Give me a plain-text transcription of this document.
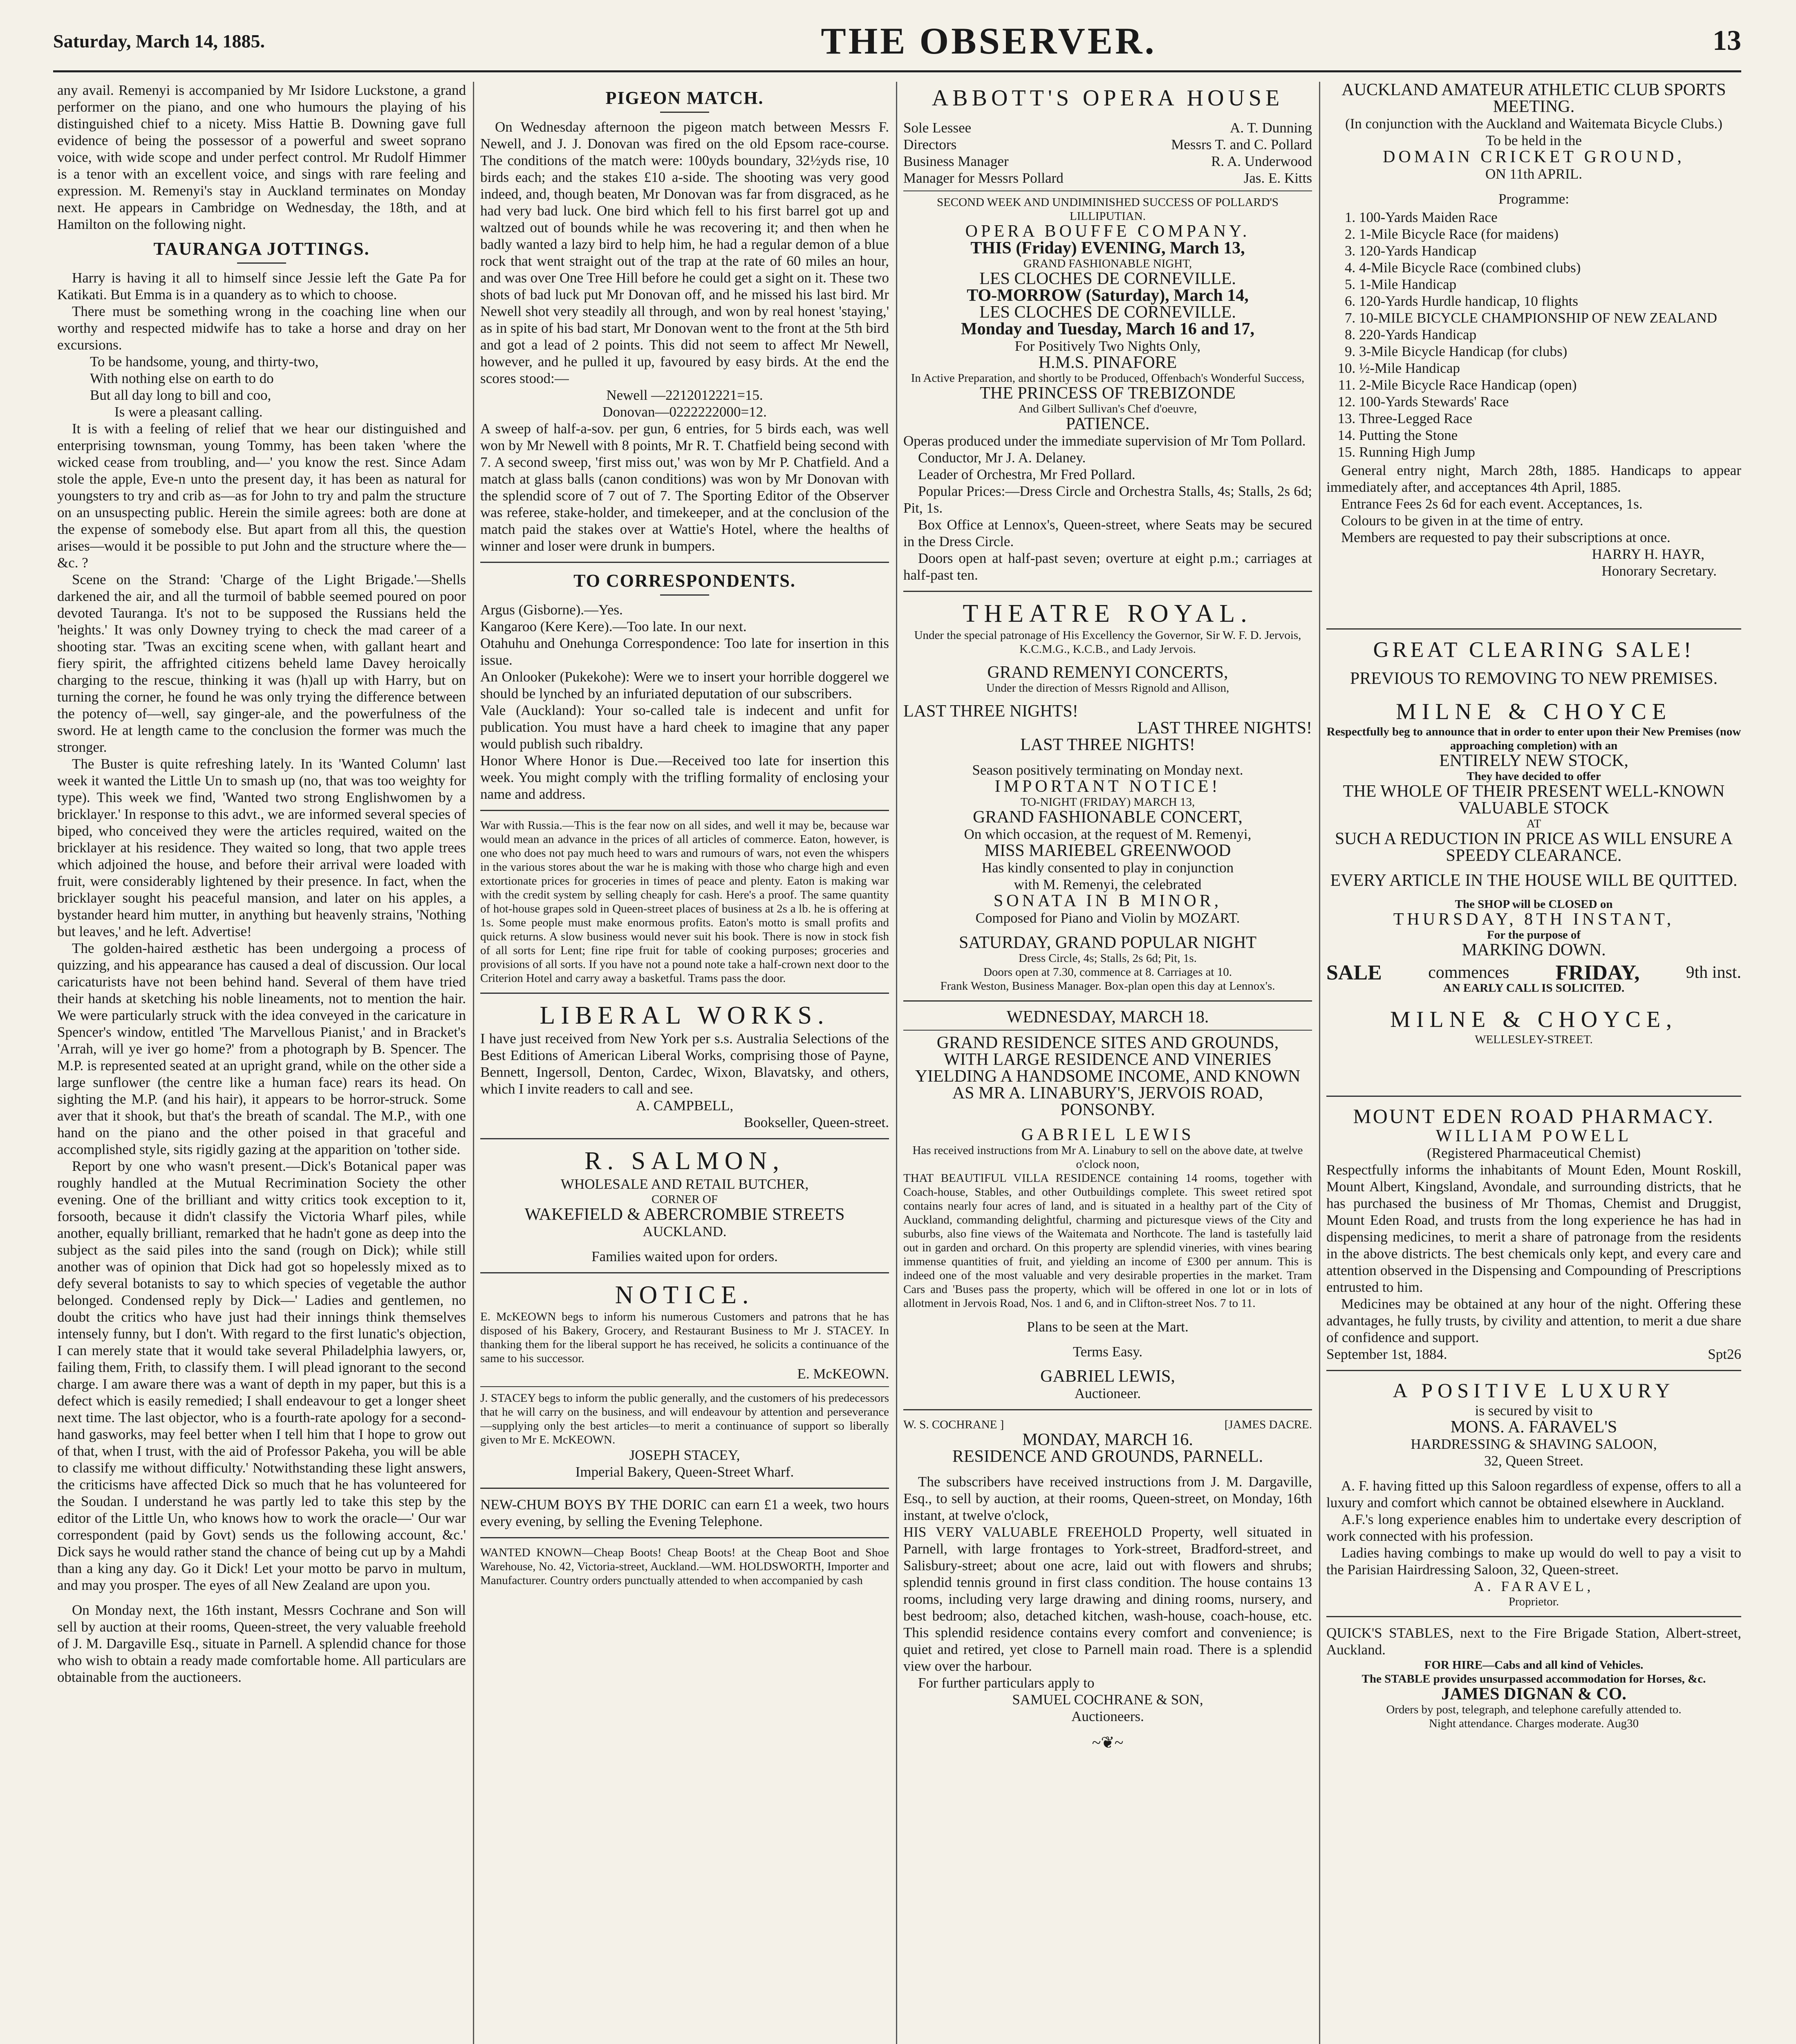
Saturday, March 14, 1885.	THE OBSERVER.	13

any avail. Remenyi is accompanied by Mr Isidore Luckstone, a grand performer on the piano, and one who humours the playing of his distinguished chief to a nicety. Miss Hattie B. Downing gave full evidence of being the possessor of a powerful and sweet soprano voice, with wide scope and under perfect control. Mr Rudolf Himmer is a tenor with an excellent voice, and sings with rare feeling and expression. M. Remenyi's stay in Auckland terminates on Monday next. He appears in Cambridge on Wednesday, the 18th, and at Hamilton on the following night.

TAURANGA JOTTINGS.

Harry is having it all to himself since Jessie left the Gate Pa for Katikati. But Emma is in a quandery as to which to choose.

There must be something wrong in the coaching line when our worthy and respected midwife has to take a horse and dray on her excursions.

To be handsome, young, and thirty-two,

With nothing else on earth to do

But all day long to bill and coo,

Is were a pleasant calling.

It is with a feeling of relief that we hear our distinguished and enterprising townsman, young Tommy, has been taken 'where the wicked cease from troubling, and—' you know the rest. Since Adam stole the apple, Eve-n unto the present day, it has been as natural for youngsters to try and crib as—as for John to try and palm the structure on an unsuspecting public. Herein the simile agrees: both are done at the expense of somebody else. But apart from all this, the question arises—would it be possible to put John and the structure where the—&c. ?

Scene on the Strand: 'Charge of the Light Brigade.'—Shells darkened the air, and all the turmoil of babble seemed poured on poor devoted Tauranga. It's not to be supposed the Russians held the 'heights.' It was only Downey trying to check the mad career of a shooting star. 'Twas an exciting scene when, with gallant heart and fiery spirit, the affrighted citizens beheld lame Davey heroically charging to the rescue, thinking it was (h)all up with Harry, but on turning the corner, he found he was only trying the difference between the potency of—well, say ginger-ale, and the powerfulness of the sword. He at length came to the conclusion the former was much the stronger.

The Buster is quite refreshing lately. In its 'Wanted Column' last week it wanted the Little Un to smash up (no, that was too weighty for type). This week we find, 'Wanted two strong Englishwomen by a bricklayer.' In response to this advt., we are informed several species of biped, who conceived they were the articles required, waited on the bricklayer at his residence. They waited so long, that two apple trees which adjoined the house, and before their arrival were loaded with fruit, were considerably lightened by their presence. In fact, when the bricklayer sought his peaceful mansion, and later on his apples, a bystander heard him mutter, in anything but heavenly strains, 'Nothing but leaves,' and he left. Advertise!

The golden-haired æsthetic has been undergoing a process of quizzing, and his appearance has caused a deal of discussion. Our local caricaturists have not been behind hand. Several of them have tried their hands at sketching his noble lineaments, not to mention the hair. We were particularly struck with the idea conveyed in the caricature in Spencer's window, entitled 'The Marvellous Pianist,' and in Bracket's 'Arrah, will ye iver go home?' from a photograph by B. Spencer. The M.P. is represented seated at an upright grand, while on the other side a large sunflower (the centre like a human face) rears its head. On sighting the M.P. (and his hair), it appears to be horror-struck. Some aver that it shook, but that's the breath of scandal. The M.P., with one hand on the piano and the other poised in that graceful and accomplished style, sits rigidly gazing at the apparition on 'tother side.

Report by one who wasn't present.—Dick's Botanical paper was roughly handled at the Mutual Recrimination Society the other evening. One of the brilliant and witty critics took exception to it, forsooth, because it didn't classify the Victoria Wharf piles, while another, equally brilliant, remarked that he hadn't gone as deep into the subject as the said piles into the sand (rough on Dick); while still another was of opinion that Dick had got so hopelessly mixed as to defy several botanists to say to which species of vegetable the author belonged. Condensed reply by Dick—' Ladies and gentlemen, no doubt the critics who have just had their innings think themselves intensely funny, but I don't. With regard to the first lunatic's objection, I can merely state that it would take several Philadelphia lawyers, or, failing them, Frith, to classify them. I will plead ignorant to the second charge. I am aware there was a want of depth in my paper, but this is a defect which is easily remedied; I shall endeavour to get a longer sheet next time. The last objector, who is a fourth-rate apology for a second-hand gasworks, may feel better when I tell him that I hope to grow out of that, when I trust, with the aid of Professor Pakeha, you will be able to classify me without difficulty.' Notwithstanding these light answers, the criticisms have affected Dick so much that he has volunteered for the Soudan. I understand he was partly led to take this step by the editor of the Little Un, who knows how to work the oracle—' Our war correspondent (paid by Govt) sends us the following account, &c.' Dick says he would rather stand the chance of being cut up by a Mahdi than a king any day. Go it Dick! Let your motto be parvo in multum, and may you prosper. The eyes of all New Zealand are upon you.

On Monday next, the 16th instant, Messrs Cochrane and Son will sell by auction at their rooms, Queen-street, the very valuable freehold of J. M. Dargaville Esq., situate in Parnell. A splendid chance for those who wish to obtain a ready made comfortable home. All particulars are obtainable from the auctioneers.

PIGEON MATCH.

On Wednesday afternoon the pigeon match between Messrs F. Newell, and J. J. Donovan was fired on the old Epsom race-course. The conditions of the match were: 100yds boundary, 32½yds rise, 10 birds each; and the stakes £10 a-side. The shooting was very good indeed, and, though beaten, Mr Donovan was far from disgraced, as he had very bad luck. One bird which fell to his first barrel got up and waltzed out of bounds while he was recovering it; and then when he badly wanted a lazy bird to help him, he had a regular demon of a blue rock that went straight out of the trap at the rate of 60 miles an hour, and was over One Tree Hill before he could get a sight on it. These two shots of bad luck put Mr Donovan off, and he missed his last bird. Mr Newell shot very steadily all through, and won by real honest 'staying,' as in spite of his bad start, Mr Donovan went to the front at the 5th bird and got a lead of 2 points. This did not seem to affect Mr Newell, however, and he pulled it up, favoured by easy birds. At the end the scores stood:—

Newell —2212012221=15.

Donovan—0222222000=12.

A sweep of half-a-sov. per gun, 6 entries, for 5 birds each, was well won by Mr Newell with 8 points, Mr R. T. Chatfield being second with 7. A second sweep, 'first miss out,' was won by Mr P. Chatfield. And a match at glass balls (canon conditions) was won by Mr Donovan with the splendid score of 7 out of 7. The Sporting Editor of the Observer was referee, stake-holder, and timekeeper, and at the conclusion of the match paid the stakes over at Wattie's Hotel, where the healths of winner and loser were drunk in bumpers.

TO CORRESPONDENTS.

Argus (Gisborne).—Yes.

Kangaroo (Kere Kere).—Too late. In our next.

Otahuhu and Onehunga Correspondence: Too late for insertion in this issue.

An Onlooker (Pukekohe): Were we to insert your horrible doggerel we should be lynched by an infuriated deputation of our subscribers.

Vale (Auckland): Your so-called tale is indecent and unfit for publication. You must have a hard cheek to imagine that any paper would publish such ribaldry.

Honor Where Honor is Due.—Received too late for insertion this week. You might comply with the trifling formality of enclosing your name and address.

War with Russia.—This is the fear now on all sides, and well it may be, because war would mean an advance in the prices of all articles of commerce. Eaton, however, is one who does not pay much heed to wars and rumours of wars, not even the whispers in the various stores about the war he is making with those who charge high and even extortionate prices for groceries in times of peace and plenty. Eaton is making war with the credit system by selling cheaply for cash. Here's a proof. The same quantity of hot-house grapes sold in Queen-street places of business at 2s a lb. he is offering at 1s. Some people must make enormous profits. Eaton's motto is small profits and quick returns. A slow business would never suit his book. There is now in stock fish of all sorts for Lent; fine ripe fruit for table of cooking purposes; groceries and provisions of all sorts. If you have not a pound note take a half-crown next door to the Criterion Hotel and carry away a basketful. Trams pass the door.

LIBERAL WORKS.

I have just received from New York per s.s. Australia Selections of the Best Editions of American Liberal Works, comprising those of Payne, Bennett, Ingersoll, Denton, Cardec, Wixon, Blavatsky, and others, which I invite readers to call and see.

A. CAMPBELL,

Bookseller, Queen-street.

R. SALMON,

WHOLESALE AND RETAIL BUTCHER,

CORNER OF

WAKEFIELD & ABERCROMBIE STREETS

AUCKLAND.

Families waited upon for orders.

NOTICE.

E. McKEOWN begs to inform his numerous Customers and patrons that he has disposed of his Bakery, Grocery, and Restaurant Business to Mr J. STACEY. In thanking them for the liberal support he has received, he solicits a continuance of the same to his successor.

E. McKEOWN.

J. STACEY begs to inform the public generally, and the customers of his predecessors that he will carry on the business, and will endeavour by attention and perseverance—supplying only the best articles—to merit a continuance of support so liberally given to Mr E. McKEOWN.

JOSEPH STACEY,

Imperial Bakery, Queen-Street Wharf.

NEW-CHUM BOYS BY THE DORIC can earn £1 a week, two hours every evening, by selling the Evening Telephone.

WANTED KNOWN—Cheap Boots! Cheap Boots! at the Cheap Boot and Shoe Warehouse, No. 42, Victoria-street, Auckland.—WM. HOLDSWORTH, Importer and Manufacturer. Country orders punctually attended to when accompanied by cash

ABBOTT'S OPERA HOUSE
Sole Lessee	A. T. Dunning
Directors	Messrs T. and C. Pollard
Business Manager	R. A. Underwood
Manager for Messrs Pollard	Jas. E. Kitts

SECOND WEEK AND UNDIMINISHED SUCCESS OF POLLARD'S LILLIPUTIAN.

OPERA BOUFFE COMPANY.

THIS (Friday) EVENING, March 13,

GRAND FASHIONABLE NIGHT,

LES CLOCHES DE CORNEVILLE.

TO-MORROW (Saturday), March 14,

LES CLOCHES DE CORNEVILLE.

Monday and Tuesday, March 16 and 17,

For Positively Two Nights Only,

H.M.S. PINAFORE

In Active Preparation, and shortly to be Produced, Offenbach's Wonderful Success,

THE PRINCESS OF TREBIZONDE

And Gilbert Sullivan's Chef d'oeuvre,

PATIENCE.

Operas produced under the immediate supervision of Mr Tom Pollard.

Conductor, Mr J. A. Delaney.

Leader of Orchestra, Mr Fred Pollard.

Popular Prices:—Dress Circle and Orchestra Stalls, 4s; Stalls, 2s 6d; Pit, 1s.

Box Office at Lennox's, Queen-street, where Seats may be secured in the Dress Circle.

Doors open at half-past seven; overture at eight p.m.; carriages at half-past ten.

THEATRE ROYAL.

Under the special patronage of His Excellency the Governor, Sir W. F. D. Jervois, K.C.M.G., K.C.B., and Lady Jervois.

GRAND REMENYI CONCERTS,

Under the direction of Messrs Rignold and Allison,

LAST THREE NIGHTS!

LAST THREE NIGHTS!

LAST THREE NIGHTS!

Season positively terminating on Monday next.

IMPORTANT NOTICE!

TO-NIGHT (FRIDAY) MARCH 13,

GRAND FASHIONABLE CONCERT,

On which occasion, at the request of M. Remenyi,

MISS MARIEBEL GREENWOOD

Has kindly consented to play in conjunction

with M. Remenyi, the celebrated

SONATA IN B MINOR,

Composed for Piano and Violin by MOZART.

SATURDAY, GRAND POPULAR NIGHT

Dress Circle, 4s; Stalls, 2s 6d; Pit, 1s.

Doors open at 7.30, commence at 8. Carriages at 10.

Frank Weston, Business Manager. Box-plan open this day at Lennox's.

WEDNESDAY, MARCH 18.

GRAND RESIDENCE SITES AND GROUNDS,

WITH LARGE RESIDENCE AND VINERIES YIELDING A HANDSOME INCOME, AND KNOWN AS MR A. LINABURY'S, JERVOIS ROAD, PONSONBY.

GABRIEL LEWIS

Has received instructions from Mr A. Linabury to sell on the above date, at twelve o'clock noon,

THAT BEAUTIFUL VILLA RESIDENCE containing 14 rooms, together with Coach-house, Stables, and other Outbuildings complete. This sweet retired spot contains nearly four acres of land, and is situated in a healthy part of the City of Auckland, commanding delightful, charming and picturesque views of the City and suburbs, also fine views of the Waitemata and Northcote. The land is tastefully laid out in garden and orchard. On this property are splendid vineries, with vines bearing immense quantities of fruit, and yielding an income of £300 per annum. This is indeed one of the most valuable and very desirable properties in the market. Tram Cars and 'Buses pass the property, which will be offered in one lot or in lots of allotment in Jervois Road, Nos. 1 and 6, and in Clifton-street Nos. 7 to 11.

Plans to be seen at the Mart.

Terms Easy.

GABRIEL LEWIS,

Auctioneer.

W. S. COCHRANE ]	[JAMES DACRE.

MONDAY, MARCH 16.

RESIDENCE AND GROUNDS, PARNELL.

The subscribers have received instructions from J. M. Dargaville, Esq., to sell by auction, at their rooms, Queen-street, on Monday, 16th instant, at twelve o'clock,

HIS VERY VALUABLE FREEHOLD Property, well situated in Parnell, with large frontages to York-street, Bradford-street, and Salisbury-street; about one acre, laid out with flowers and shrubs; splendid tennis ground in first class condition. The house contains 13 rooms, including very large drawing and dining rooms, nursery, and best bedroom; also, detached kitchen, wash-house, coach-house, etc. This splendid residence contains every comfort and convenience; is quiet and retired, yet close to Parnell main road. There is a splendid view over the harbour.

For further particulars apply to

SAMUEL COCHRANE & SON,

Auctioneers.

~❦~

AUCKLAND AMATEUR ATHLETIC CLUB SPORTS MEETING.

(In conjunction with the Auckland and Waitemata Bicycle Clubs.)

To be held in the

DOMAIN CRICKET GROUND,

ON 11th APRIL.

Programme:

1. 100-Yards Maiden Race
2. 1-Mile Bicycle Race (for maidens)
3. 120-Yards Handicap
4. 4-Mile Bicycle Race (combined clubs)
5. 1-Mile Handicap
6. 120-Yards Hurdle handicap, 10 flights
7. 10-MILE BICYCLE CHAMPIONSHIP OF NEW ZEALAND
8. 220-Yards Handicap
9. 3-Mile Bicycle Handicap (for clubs)
10. ½-Mile Handicap
11. 2-Mile Bicycle Race Handicap (open)
12. 100-Yards Stewards' Race
13. Three-Legged Race
14. Putting the Stone
15. Running High Jump

General entry night, March 28th, 1885. Handicaps to appear immediately after, and acceptances 4th April, 1885.

Entrance Fees 2s 6d for each event. Acceptances, 1s.

Colours to be given in at the time of entry.

Members are requested to pay their subscriptions at once.

HARRY H. HAYR,

Honorary Secretary.

GREAT CLEARING SALE!

PREVIOUS TO REMOVING TO NEW PREMISES.

MILNE & CHOYCE

Respectfully beg to announce that in order to enter upon their New Premises (now approaching completion) with an

ENTIRELY NEW STOCK,

They have decided to offer

THE WHOLE OF THEIR PRESENT WELL-KNOWN VALUABLE STOCK

AT

SUCH A REDUCTION IN PRICE AS WILL ENSURE A SPEEDY CLEARANCE.

EVERY ARTICLE IN THE HOUSE WILL BE QUITTED.

The SHOP will be CLOSED on

THURSDAY, 8TH INSTANT,

For the purpose of

MARKING DOWN.

SALE	commences FRIDAY,	9th inst.

AN EARLY CALL IS SOLICITED.

MILNE & CHOYCE,

WELLESLEY-STREET.

MOUNT EDEN ROAD PHARMACY.

WILLIAM POWELL

(Registered Pharmaceutical Chemist)

Respectfully informs the inhabitants of Mount Eden, Mount Roskill, Mount Albert, Kingsland, Avondale, and surrounding districts, that he has purchased the business of Mr Thomas, Chemist and Druggist, Mount Eden Road, and trusts from the long experience he has had in dispensing medicines, to merit a share of patronage from the residents in the above districts. The best chemicals only kept, and every care and attention observed in the Dispensing and Compounding of Prescriptions entrusted to him.

Medicines may be obtained at any hour of the night. Offering these advantages, he fully trusts, by civility and attention, to merit a due share of confidence and support.

September 1st, 1884.	Spt26
A POSITIVE LUXURY

is secured by visit to

MONS. A. FARAVEL'S

HARDRESSING & SHAVING SALOON,

32, Queen Street.

A. F. having fitted up this Saloon regardless of expense, offers to all a luxury and comfort which cannot be obtained elsewhere in Auckland.

A.F.'s long experience enables him to undertake every description of work connected with his profession.

Ladies having combings to make up would do well to pay a visit to the Parisian Hairdressing Saloon, 32, Queen-street.

A. FARAVEL,

Proprietor.

QUICK'S STABLES, next to the Fire Brigade Station, Albert-street, Auckland.

FOR HIRE—Cabs and all kind of Vehicles.

The STABLE provides unsurpassed accommodation for Horses, &c.

JAMES DIGNAN & CO.

Orders by post, telegraph, and telephone carefully attended to.

Night attendance. Charges moderate. Aug30
